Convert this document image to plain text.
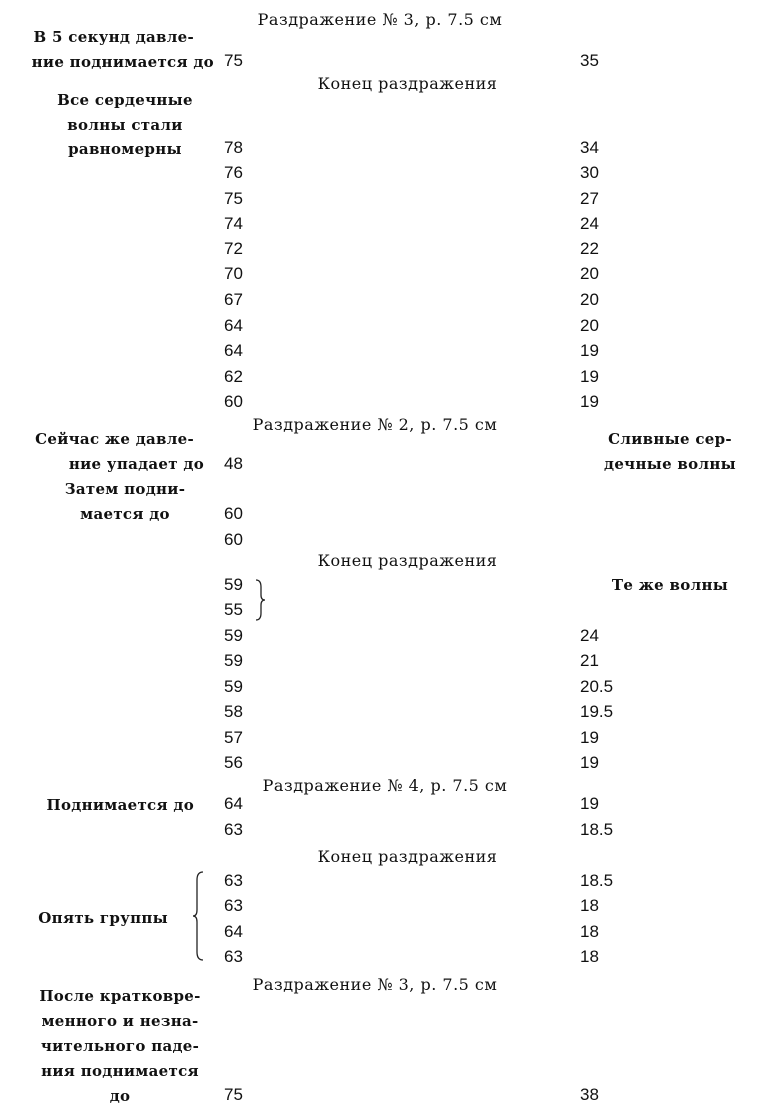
Раздражение № 3, р. 7.5 см
Конец раздражения
Раздражение № 2, р. 7.5 см
Конец раздражения
Раздражение № 4, р. 7.5 см
Конец раздражения
Раздражение № 3, р. 7.5 см
В 5 секунд давле-
ние поднимается до
Все сердечные
волны стали
равномерны
Сейчас же давле-
ние упадает до
Затем подни-
мается до
Поднимается до
Опять группы
После кратковре-
менного и незна-
чительного паде-
ния поднимается
до
Сливные сер-
дечные волны
Те же волны
75
78
76
75
74
72
70
67
64
64
62
60
48
60
60
59
55
59
59
59
58
57
56
64
63
63
63
64
63
75
35
34
30
27
24
22
20
20
20
19
19
19
24
21
20.5
19.5
19
19
19
18.5
18.5
18
18
18
38
